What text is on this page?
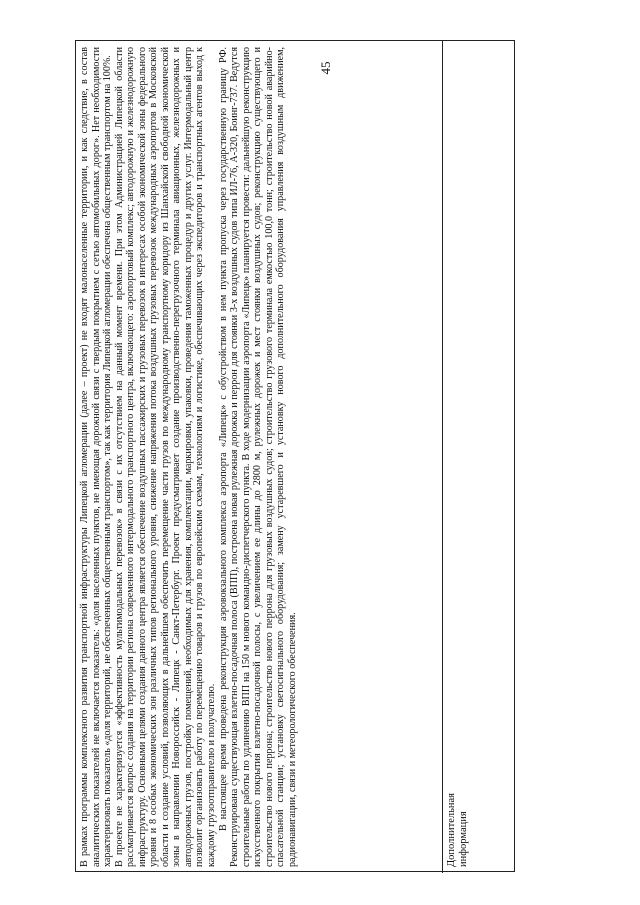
45

В рамках программы комплексного развития транспортной инфраструктуры Липецкой агломерации (далее – проект) не входят малонаселенные территории, и как следствие, в состав аналитических показателей не включается показатель: «доля населенных пунктов, не имеющая дорожной связи с твердым покрытием с сетью автомобильных дорог». Нет необходимости характеризовать показатель «доля территорий, не обеспеченных общественным транспортом», так как территория Липецкой агломерации обеспечена общественным транспортом на 100%. В проекте не характеризуется «эффективность мультимодальных перевозок» в связи с их отсутствием на данный момент времени. При этом Администрацией Липецкой области рассматривается вопрос создания на территории региона современного интермодального транспортного центра, включающего: аэропортовый комплекс; автодорожную и железнодорожную инфраструктуру. Основными целями создания данного центра является обеспечение воздушных пассажирских и грузовых перевозок в интересах особой экономической зоны федерального уровня и 8 особых экономических зон различных типов регионального уровня, снижение напряжения потока воздушных грузовых перевозок международных аэропортов в Московской области и создание условий, позволяющих в дальнейшем обеспечить перемещение части грузов по международному транспортному коридору из Шанхайской свободной экономической зоны в направлении Новороссийск - Липецк - Санкт-Петербург. Проект предусматривает создание производственно-перегрузочного терминала авиационных, железнодорожных и автодорожных грузов, постройку помещений, необходимых для хранения, комплектации, маркировки, упаковки, проведения таможенных процедур и других услуг. Интермодальный центр позволит организовать работу по перемещению товаров и грузов по европейским схемам, технологиям и логистике, обеспечивающих через экспедиторов и транспортных агентов выход к каждому грузоотправителю и получателю. В настоящее время проведена реконструкция аэровокзального комплекса аэропорта «Липецк» с обустройством в нем пункта пропуска через государственную границу РФ. Реконструирована существующая взлетно-посадочная полоса (ВПП), построена новая рулежная дорожка и перрон для стоянки 3-х воздушных судов типа ИЛ-76, А-320, Боинг-737. Ведутся строительные работы по удлинению ВПП на 150 м нового командно-диспетчерского пункта. В ходе модернизации аэропорта «Липецк» планируется провести: дальнейшую реконструкцию искусственного покрытия взлетно-посадочной полосы, с увеличением ее длины до 2800 м, рулежных дорожек и мест стоянки воздушных судов; реконструкцию существующего и строительство нового перрона; строительство нового перрона для грузовых воздушных судов; строительство грузового терминала емкостью 100,0 тонн; строительство новой аварийно-спасательной станции; установку светосигнального оборудования; замену устаревшего и установку нового дополнительного оборудования управления воздушным движением, радионавигации, связи и метеорологического обеспечения.	Дополнительная информация
